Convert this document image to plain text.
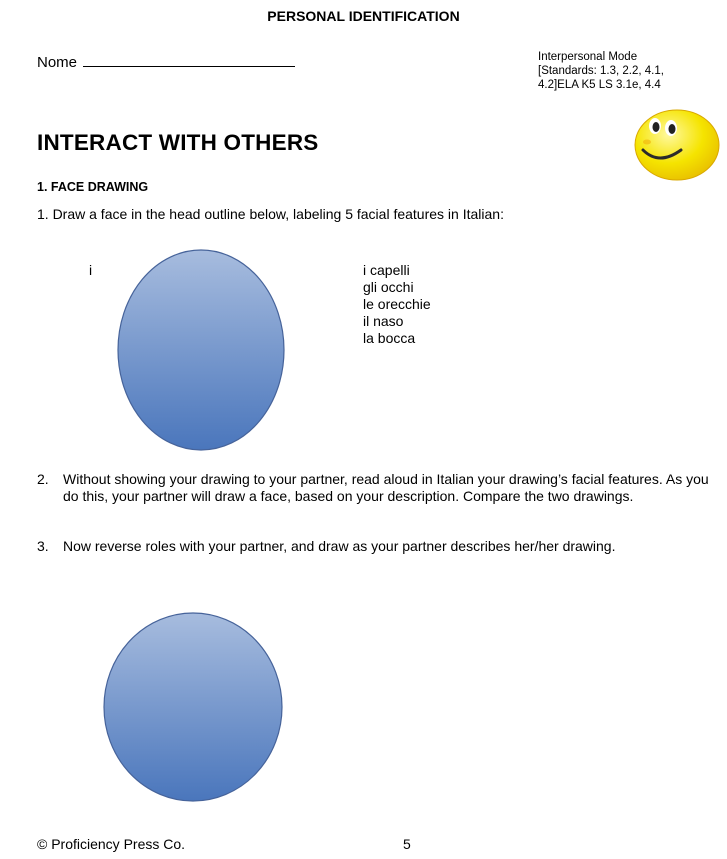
PERSONAL IDENTIFICATION
Nome	Interpersonal Mode
[Standards: 1.3, 2.2, 4.1,
4.2]ELA K5 LS 3.1e, 4.4
INTERACT WITH OTHERS
1. FACE DRAWING
1. Draw a face in the head outline below, labeling 5 facial features in Italian:
i	i capelli
gli occhi
le orecchie
il naso
la bocca
2.	Without showing your drawing to your partner, read aloud in Italian your drawing’s facial features. As you do this, your partner will draw a face, based on your description. Compare the two drawings.
3.	Now reverse roles with your partner, and draw as your partner describes her/her drawing.
© Proficiency Press Co.	5
